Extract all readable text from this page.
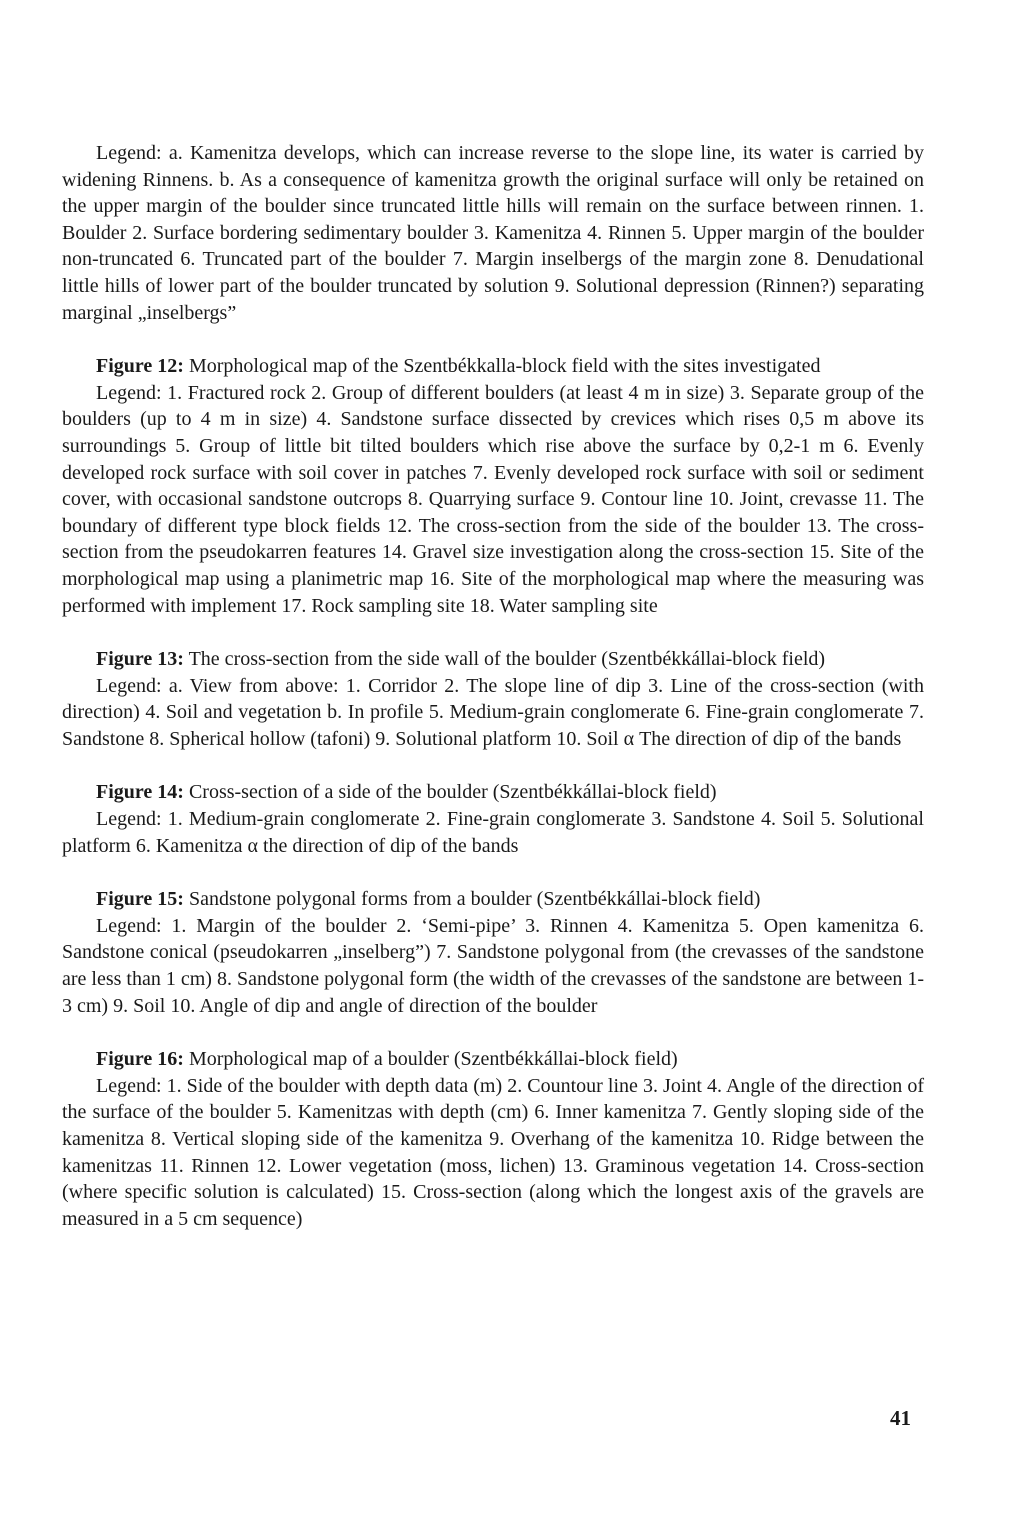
Legend: a. Kamenitza develops, which can increase reverse to the slope line, its water is carried by widening Rinnens. b. As a consequence of kamenitza growth the original surface will only be retained on the upper margin of the boulder since truncated little hills will remain on the surface between rinnen. 1. Boulder 2. Surface bordering sedimentary boulder 3. Kamenitza 4. Rinnen 5. Upper margin of the boulder non-truncated 6. Truncated part of the boulder 7. Margin inselbergs of the margin zone 8. Denudational little hills of lower part of the boulder truncated by solution 9. Solutional depression (Rinnen?) separating marginal „inselbergs”

Figure 12: Morphological map of the Szentbékkalla-block field with the sites investigated

Legend: 1. Fractured rock 2. Group of different boulders (at least 4 m in size) 3. Separate group of the boulders (up to 4 m in size) 4. Sandstone surface dissected by crevices which rises 0,5 m above its surroundings 5. Group of little bit tilted boulders which rise above the surface by 0,2-1 m 6. Evenly developed rock surface with soil cover in patches 7. Evenly developed rock surface with soil or sediment cover, with occasional sandstone outcrops 8. Quarrying surface 9. Contour line 10. Joint, crevasse 11. The boundary of different type block fields 12. The cross-section from the side of the boulder 13. The cross-section from the pseudokarren features 14. Gravel size investigation along the cross-section 15. Site of the morphological map using a planimetric map 16. Site of the morphological map where the measuring was performed with implement 17. Rock sampling site 18. Water sampling site

Figure 13: The cross-section from the side wall of the boulder (Szentbékkállai-block field)

Legend: a. View from above: 1. Corridor 2. The slope line of dip 3. Line of the cross-section (with direction) 4. Soil and vegetation b. In profile 5. Medium-grain conglomerate 6. Fine-grain conglomerate 7. Sandstone 8. Spherical hollow (tafoni) 9. Solutional platform 10. Soil α The direction of dip of the bands

Figure 14: Cross-section of a side of the boulder (Szentbékkállai-block field)

Legend: 1. Medium-grain conglomerate 2. Fine-grain conglomerate 3. Sandstone 4. Soil 5. Solutional platform 6. Kamenitza α the direction of dip of the bands

Figure 15: Sandstone polygonal forms from a boulder (Szentbékkállai-block field)

Legend: 1. Margin of the boulder 2. ‘Semi-pipe’ 3. Rinnen 4. Kamenitza 5. Open kamenitza 6. Sandstone conical (pseudokarren „inselberg”) 7. Sandstone polygonal from (the crevasses of the sandstone are less than 1 cm) 8. Sandstone polygonal form (the width of the crevasses of the sandstone are between 1-3 cm) 9. Soil 10. Angle of dip and angle of direction of the boulder

Figure 16: Morphological map of a boulder (Szentbékkállai-block field)

Legend: 1. Side of the boulder with depth data (m) 2. Countour line 3. Joint 4. Angle of the direction of the surface of the boulder 5. Kamenitzas with depth (cm) 6. Inner kamenitza 7. Gently sloping side of the kamenitza 8. Vertical sloping side of the kamenitza 9. Overhang of the kamenitza 10. Ridge between the kamenitzas 11. Rinnen 12. Lower vegetation (moss, lichen) 13. Graminous vegetation 14. Cross-section (where specific solution is calculated) 15. Cross-section (along which the longest axis of the gravels are measured in a 5 cm sequence)

41
